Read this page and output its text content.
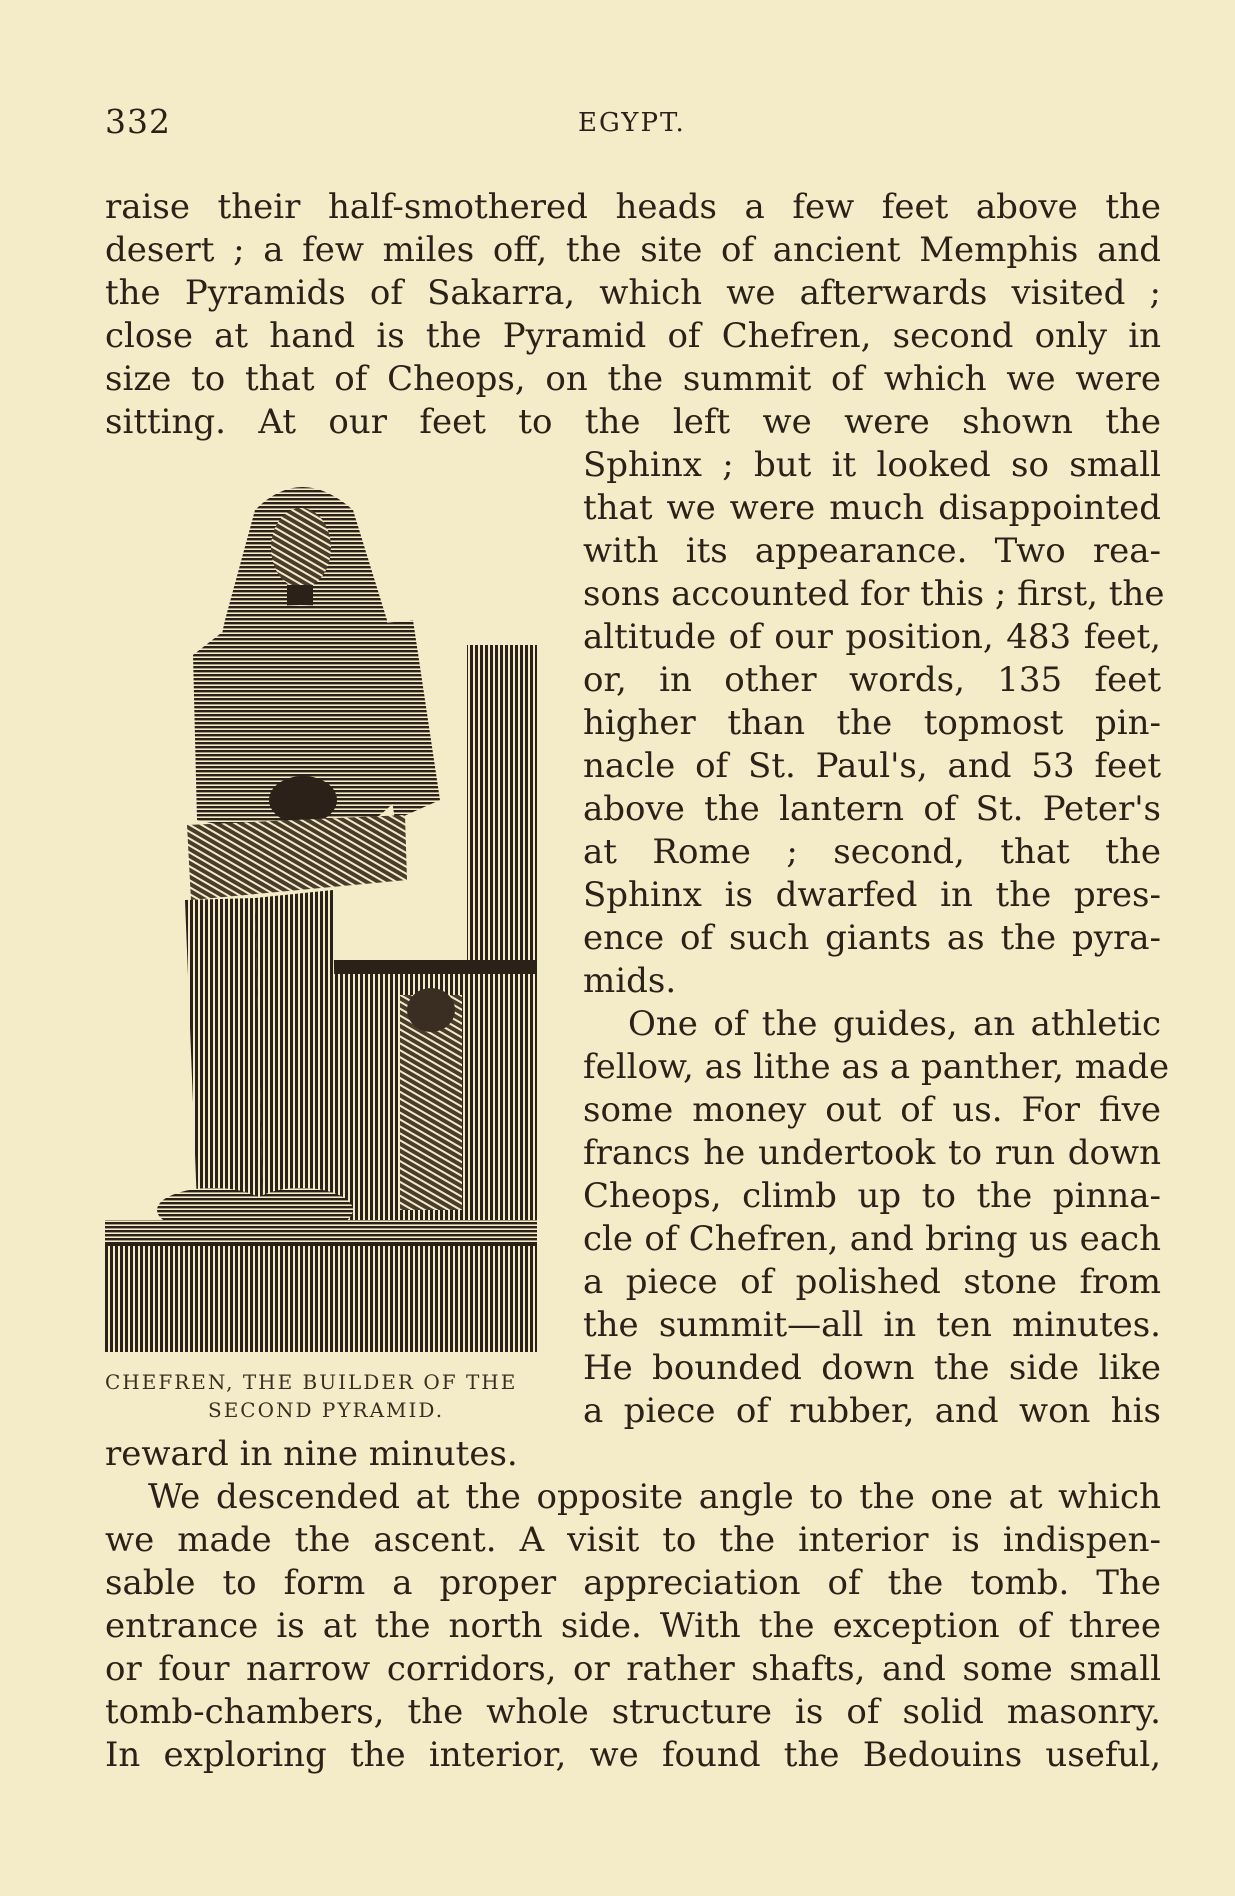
332	EGYPT.
raise their half-smothered heads a few feet above the
desert ; a few miles off, the site of ancient Memphis and
the Pyramids of Sakarra, which we afterwards visited ;
close at hand is the Pyramid of Chefren, second only in
size to that of Cheops, on the summit of which we were
sitting. At our feet to the left we were shown the
Sphinx ; but it looked so small
that we were much disappointed
with its appearance. Two rea-
sons accounted for this ; first, the
altitude of our position, 483 feet,
or, in other words, 135 feet
higher than the topmost pin-
nacle of St. Paul's, and 53 feet
above the lantern of St. Peter's
at Rome ; second, that the
Sphinx is dwarfed in the pres-
ence of such giants as the pyra-
mids.
One of the guides, an athletic
fellow, as lithe as a panther, made
some money out of us. For five
francs he undertook to run down
Cheops, climb up to the pinna-
cle of Chefren, and bring us each
a piece of polished stone from
the summit—all in ten minutes.
He bounded down the side like
a piece of rubber, and won his
CHEFREN, THE BUILDER OF THE
SECOND PYRAMID.
reward in nine minutes.
We descended at the opposite angle to the one at which
we made the ascent. A visit to the interior is indispen-
sable to form a proper appreciation of the tomb. The
entrance is at the north side. With the exception of three
or four narrow corridors, or rather shafts, and some small
tomb-chambers, the whole structure is of solid masonry.
In exploring the interior, we found the Bedouins useful,
